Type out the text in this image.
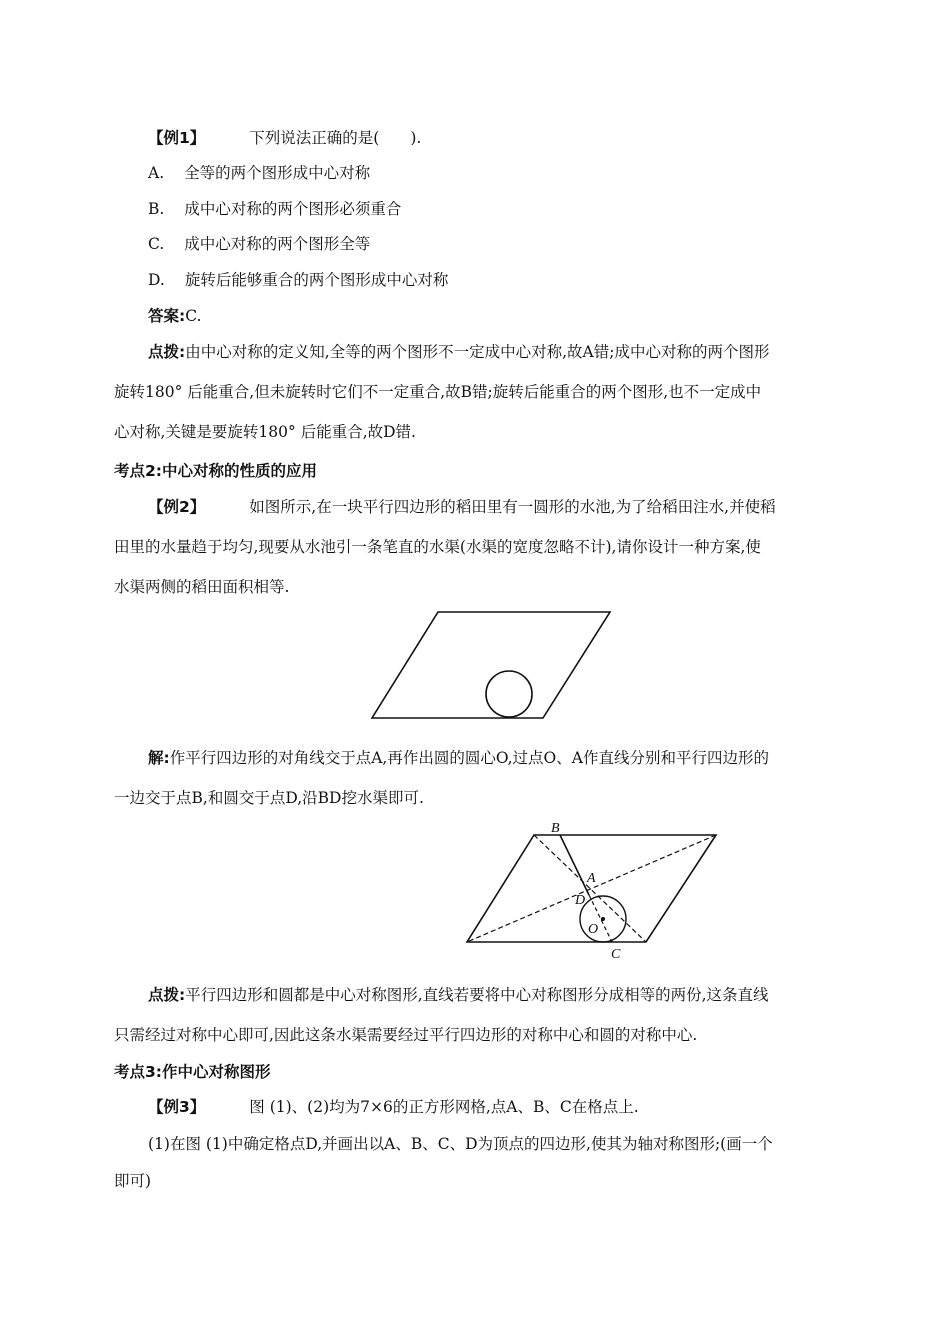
【例1】	下列说法正确的是(　　).
A. 全等的两个图形成中心对称
B. 成中心对称的两个图形必须重合
C. 成中心对称的两个图形全等
D. 旋转后能够重合的两个图形成中心对称
答案:C.
点拨:由中心对称的定义知,全等的两个图形不一定成中心对称,故A错;成中心对称的两个图形
旋转180° 后能重合,但未旋转时它们不一定重合,故B错;旋转后能重合的两个图形,也不一定成中
心对称,关键是要旋转180° 后能重合,故D错.
考点2:中心对称的性质的应用
【例2】	如图所示,在一块平行四边形的稻田里有一圆形的水池,为了给稻田注水,并使稻
田里的水量趋于均匀,现要从水池引一条笔直的水渠(水渠的宽度忽略不计),请你设计一种方案,使
水渠两侧的稻田面积相等.
解:作平行四边形的对角线交于点A,再作出圆的圆心O,过点O、A作直线分别和平行四边形的
一边交于点B,和圆交于点D,沿BD挖水渠即可.
B
A
D
O
C
点拨:平行四边形和圆都是中心对称图形,直线若要将中心对称图形分成相等的两份,这条直线
只需经过对称中心即可,因此这条水渠需要经过平行四边形的对称中心和圆的对称中心.
考点3:作中心对称图形
【例3】	图 (1)、(2)均为7×6的正方形网格,点A、B、C在格点上.
(1)在图 (1)中确定格点D,并画出以A、B、C、D为顶点的四边形,使其为轴对称图形;(画一个
即可)
